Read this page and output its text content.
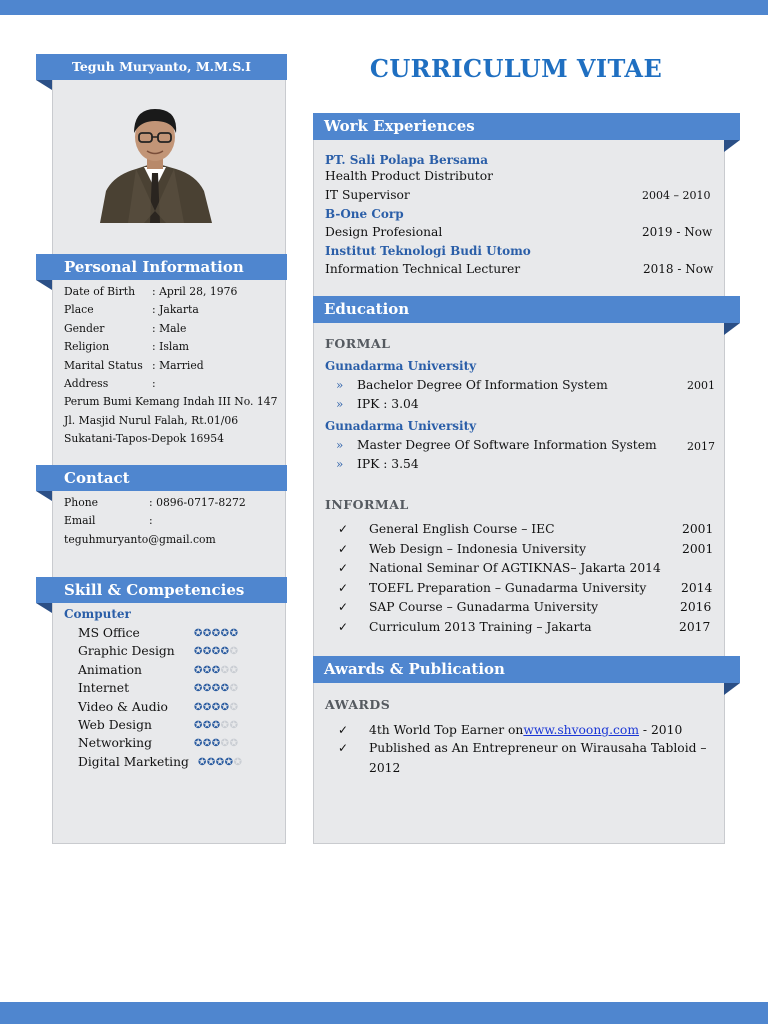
Teguh Muryanto, M.M.S.I
Personal Information
Date of Birth : April 28, 1976
Place	: Jakarta
Gender	: Male
Religion	: Islam
Marital Status : Married
Address	:
Perum Bumi Kemang Indah III No. 147
Jl. Masjid Nurul Falah, Rt.01/06
Sukatani-Tapos-Depok 16954
Contact
Phone	: 0896-0717-8272
Email	:
teguhmuryanto@gmail.com
Skill & Competencies
Computer
MS Office	✪✪✪✪✪
Graphic Design ✪✪✪✪✪
Animation	✪✪✪✪✪
Internet	✪✪✪✪✪
Video & Audio	✪✪✪✪✪
Web Design	✪✪✪✪✪
Networking	✪✪✪✪✪
Digital Marketing ✪✪✪✪✪
CURRICULUM VITAE
Work Experiences
PT. Sali Polapa Bersama
Health Product Distributor
IT Supervisor	2004 – 2010
B-One Corp
Design Profesional	2019 - Now
Institut Teknologi Budi Utomo
Information Technical Lecturer	2018 - Now
Education
FORMAL
Gunadarma University
» Bachelor Degree Of Information System	2001
» IPK : 3.04
Gunadarma University
» Master Degree Of Software Information System	2017
» IPK : 3.54
INFORMAL
✓ General English Course – IEC	2001
✓ Web Design – Indonesia University	2001
✓ National Seminar Of AGTIKNAS– Jakarta 2014
✓ TOEFL Preparation – Gunadarma University	2014
✓ SAP Course – Gunadarma University	2016
✓ Curriculum 2013 Training – Jakarta	2017
Awards & Publication
AWARDS
✓ 4th World Top Earner onwww.shvoong.com - 2010
✓ Published as An Entrepreneur on Wirausaha Tabloid –
2012
